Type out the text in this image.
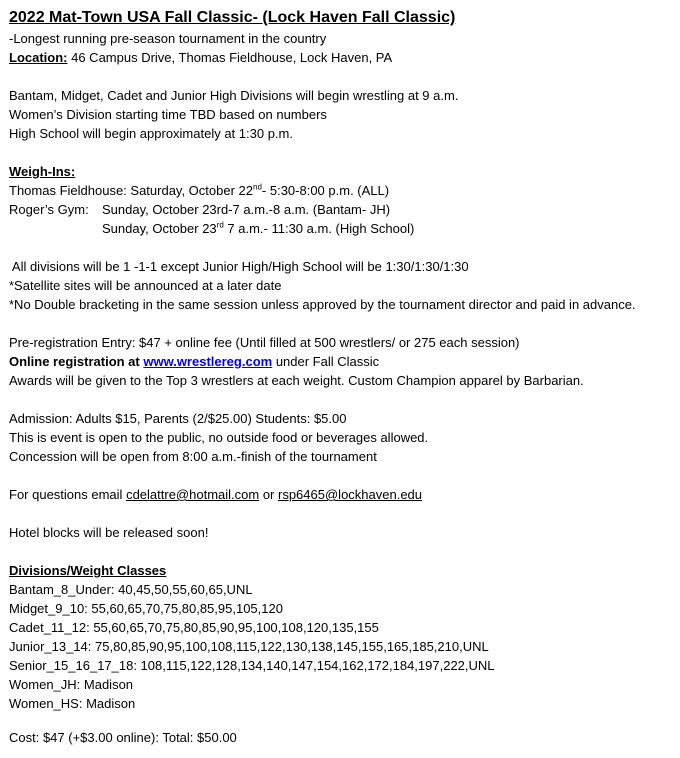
2022 Mat-Town USA Fall Classic- (Lock Haven Fall Classic)
-Longest running pre-season tournament in the country
Location: 46 Campus Drive, Thomas Fieldhouse, Lock Haven, PA
Bantam, Midget, Cadet and Junior High Divisions will begin wrestling at 9 a.m.
Women’s Division starting time TBD based on numbers
High School will begin approximately at 1:30 p.m.
Weigh-Ins:
Thomas Fieldhouse: Saturday, October 22nd- 5:30-8:00 p.m. (ALL)
Roger’s Gym: Sunday, October 23rd-7 a.m.-8 a.m. (Bantam- JH)
Sunday, October 23rd 7 a.m.- 11:30 a.m. (High School)
All divisions will be 1 -1-1 except Junior High/High School will be 1:30/1:30/1:30
*Satellite sites will be announced at a later date
*No Double bracketing in the same session unless approved by the tournament director and paid in advance.
Pre-registration Entry: $47 + online fee (Until filled at 500 wrestlers/ or 275 each session)
Online registration at www.wrestlereg.com under Fall Classic
Awards will be given to the Top 3 wrestlers at each weight. Custom Champion apparel by Barbarian.
Admission: Adults $15, Parents (2/$25.00) Students: $5.00
This is event is open to the public, no outside food or beverages allowed.
Concession will be open from 8:00 a.m.-finish of the tournament
For questions email cdelattre@hotmail.com or rsp6465@lockhaven.edu
Hotel blocks will be released soon!
Divisions/Weight Classes
Bantam_8_Under: 40,45,50,55,60,65,UNL
Midget_9_10: 55,60,65,70,75,80,85,95,105,120
Cadet_11_12: 55,60,65,70,75,80,85,90,95,100,108,120,135,155
Junior_13_14: 75,80,85,90,95,100,108,115,122,130,138,145,155,165,185,210,UNL
Senior_15_16_17_18: 108,115,122,128,134,140,147,154,162,172,184,197,222,UNL
Women_JH: Madison
Women_HS: Madison
Cost: $47 (+$3.00 online): Total: $50.00
